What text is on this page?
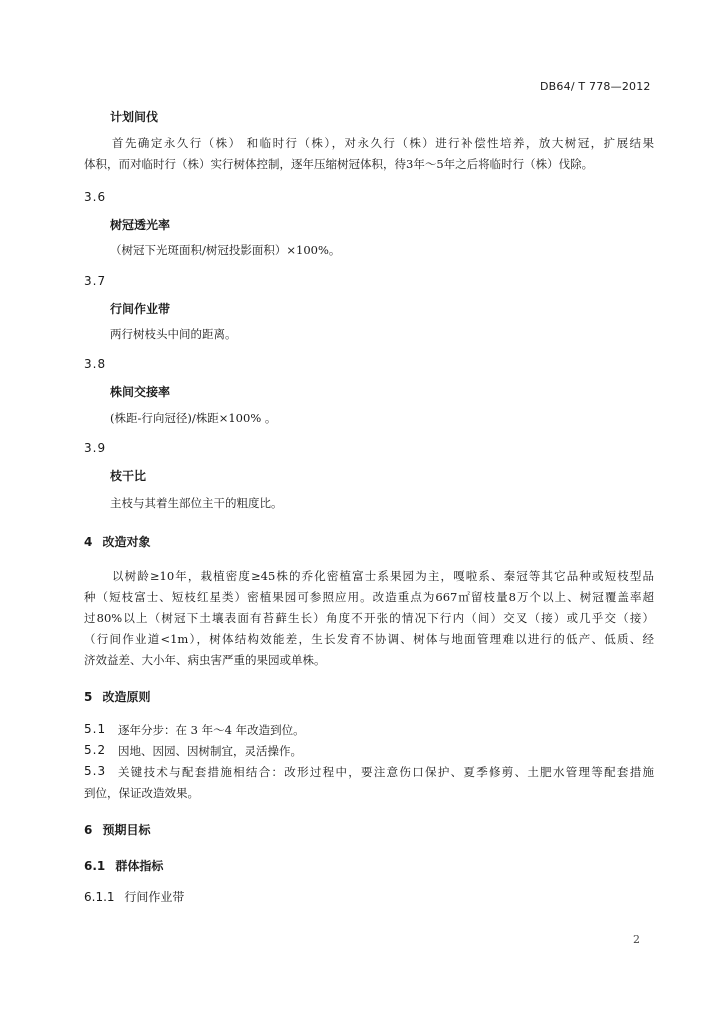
DB64/ T 778—2012
计划间伐
首先确定永久行（株） 和临时行（株），对永久行（株）进行补偿性培养，放大树冠，扩展结果
体积，而对临时行（株）实行树体控制，逐年压缩树冠体积，待3年～5年之后将临时行（株）伐除。
3.6
树冠透光率
（树冠下光斑面积/树冠投影面积）×100%。
3.7
行间作业带
两行树枝头中间的距离。
3.8
株间交接率
(株距-行向冠径)/株距×100% 。
3.9
枝干比
主枝与其着生部位主干的粗度比。
4 改造对象
以树龄≥10年，栽植密度≥45株的乔化密植富士系果园为主，嘎啦系、秦冠等其它品种或短枝型品
种（短枝富士、短枝红星类）密植果园可参照应用。改造重点为667㎡留枝量8万个以上、树冠覆盖率超
过80%以上（树冠下土壤表面有苔藓生长）角度不开张的情况下行内（间）交叉（接）或几乎交（接）
（行间作业道<1m），树体结构效能差，生长发育不协调、树体与地面管理难以进行的低产、低质、经
济效益差、大小年、病虫害严重的果园或单株。
5 改造原则
5.1 逐年分步：在 3 年～4 年改造到位。
5.2 因地、因园、因树制宜，灵活操作。
5.3 关键技术与配套措施相结合：改形过程中，要注意伤口保护、夏季修剪、土肥水管理等配套措施
到位，保证改造效果。
6 预期目标
6.1 群体指标
6.1.1 行间作业带
2
